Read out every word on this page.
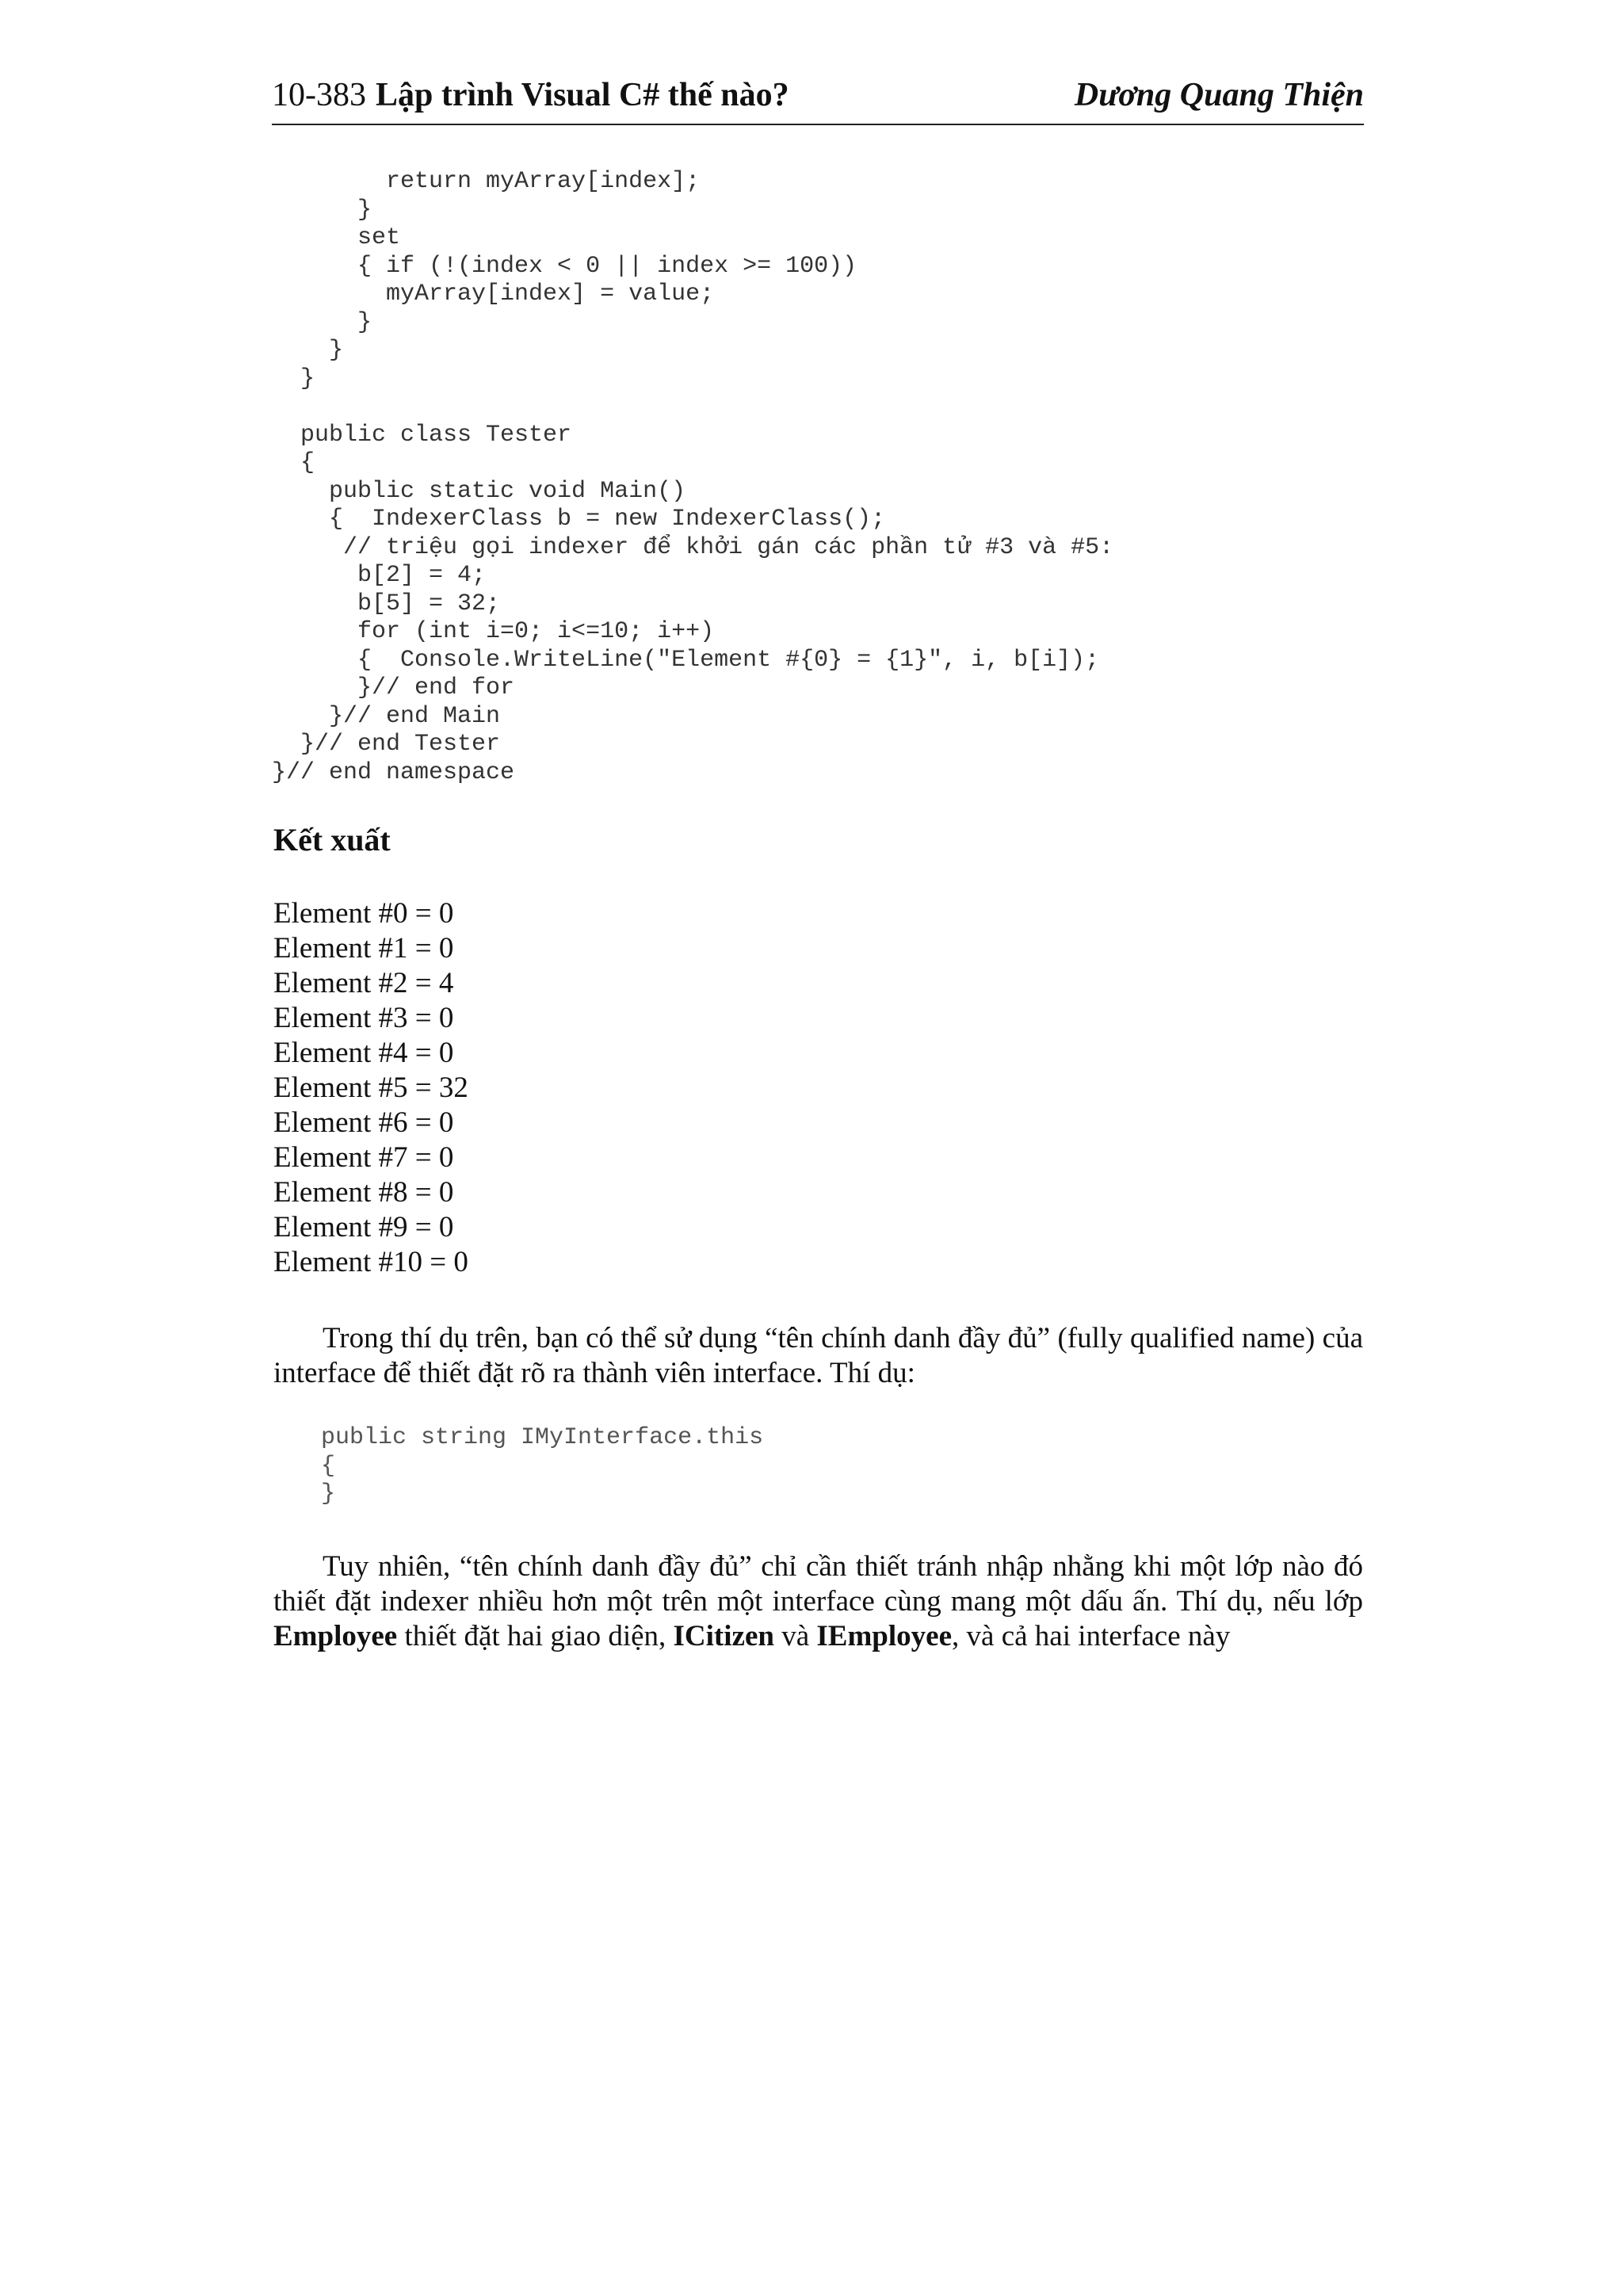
10-383 Lập trình Visual C# thế nào?	Dương Quang Thiện
return myArray[index];
}
set
{ if (!(index < 0 || index >= 100))
myArray[index] = value;
}
}
}

public class Tester
{
public static void Main()
{  IndexerClass b = new IndexerClass();
// triệu gọi indexer để khởi gán các phần tử #3 và #5:
b[2] = 4;
b[5] = 32;
for (int i=0; i<=10; i++)
{  Console.WriteLine("Element #{0} = {1}", i, b[i]);
}// end for
}// end Main
}// end Tester
}// end namespace
Kết xuất
Element #0 = 0
Element #1 = 0
Element #2 = 4
Element #3 = 0
Element #4 = 0
Element #5 = 32
Element #6 = 0
Element #7 = 0
Element #8 = 0
Element #9 = 0
Element #10 = 0

Trong thí dụ trên, bạn có thể sử dụng “tên chính danh đầy đủ” (fully qualified name) của interface để thiết đặt rõ ra thành viên interface. Thí dụ:

public string IMyInterface.this
{
}

Tuy nhiên, “tên chính danh đầy đủ” chỉ cần thiết tránh nhập nhằng khi một lớp nào đó thiết đặt indexer nhiều hơn một trên một interface cùng mang một dấu ấn. Thí dụ, nếu lớp Employee thiết đặt hai giao diện, ICitizen và IEmployee, và cả hai interface này
